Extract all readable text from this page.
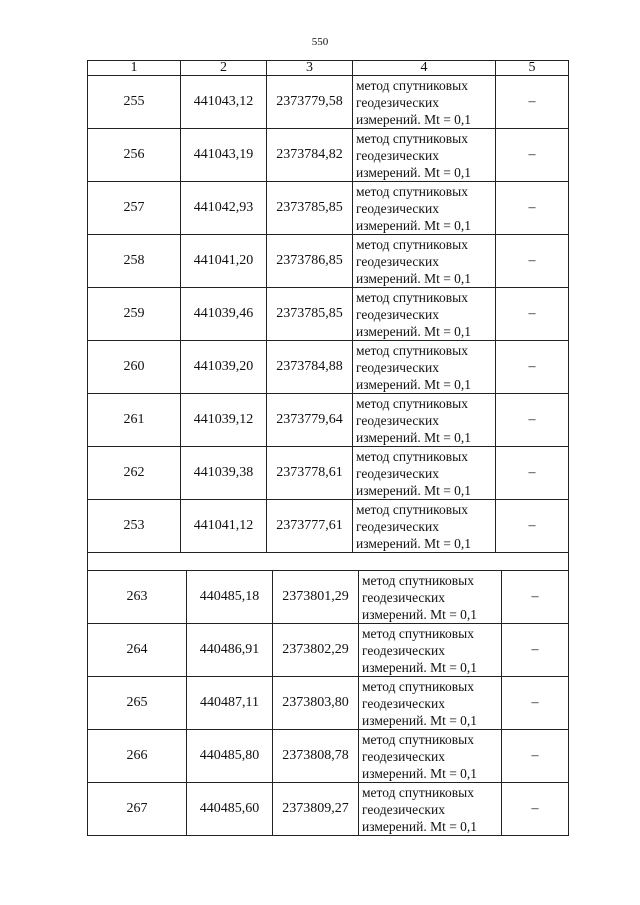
550
1	2	3	4	5
255	441043,12	2373779,58	метод спутниковых геодезических измерений. Mt = 0,1	–
256	441043,19	2373784,82	метод спутниковых геодезических измерений. Mt = 0,1	–
257	441042,93	2373785,85	метод спутниковых геодезических измерений. Mt = 0,1	–
258	441041,20	2373786,85	метод спутниковых геодезических измерений. Mt = 0,1	–
259	441039,46	2373785,85	метод спутниковых геодезических измерений. Mt = 0,1	–
260	441039,20	2373784,88	метод спутниковых геодезических измерений. Mt = 0,1	–
261	441039,12	2373779,64	метод спутниковых геодезических измерений. Mt = 0,1	–
262	441039,38	2373778,61	метод спутниковых геодезических измерений. Mt = 0,1	–
253	441041,12	2373777,61	метод спутниковых геодезических измерений. Mt = 0,1	–
263	440485,18	2373801,29	метод спутниковых геодезических измерений. Mt = 0,1	–
264	440486,91	2373802,29	метод спутниковых геодезических измерений. Mt = 0,1	–
265	440487,11	2373803,80	метод спутниковых геодезических измерений. Mt = 0,1	–
266	440485,80	2373808,78	метод спутниковых геодезических измерений. Mt = 0,1	–
267	440485,60	2373809,27	метод спутниковых геодезических измерений. Mt = 0,1	–
